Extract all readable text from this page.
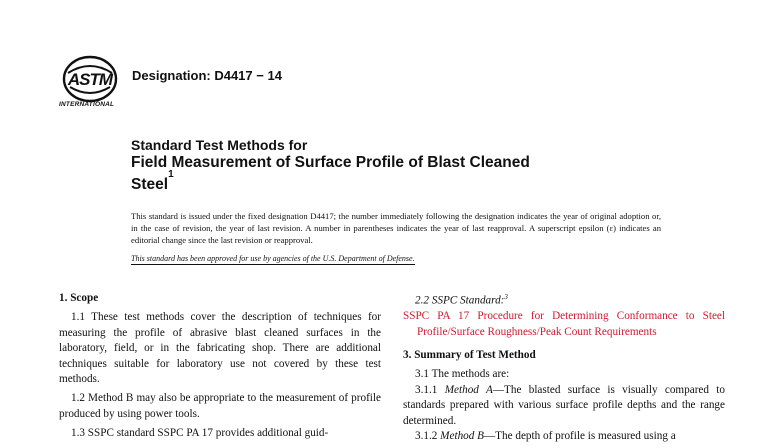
ASTM
INTERNATIONAL
Designation: D4417 − 14
Standard Test Methods for
Field Measurement of Surface Profile of Blast Cleaned
Steel$^1$
This standard is issued under the fixed designation D4417; the number immediately following the designation indicates the year of original adoption or, in the case of revision, the year of last revision. A number in parentheses indicates the year of last reapproval. A superscript epsilon (ε) indicates an editorial change since the last revision or reapproval.
This standard has been approved for use by agencies of the U.S. Department of Defense.
1. Scope
1.1 These test methods cover the description of techniques for measuring the profile of abrasive blast cleaned surfaces in the laboratory, field, or in the fabricating shop. There are additional techniques suitable for laboratory use not covered by these test methods.
1.2 Method B may also be appropriate to the measurement of profile produced by using power tools.
1.3 SSPC standard SSPC PA 17 provides additional guid-
2.2 SSPC Standard:$^3$
SSPC PA 17 Procedure for Determining Conformance to Steel Profile/Surface Roughness/Peak Count Requirements
3. Summary of Test Method
3.1 The methods are:
3.1.1 Method A—The blasted surface is visually compared to standards prepared with various surface profile depths and the range determined.
3.1.2 Method B—The depth of profile is measured using a
